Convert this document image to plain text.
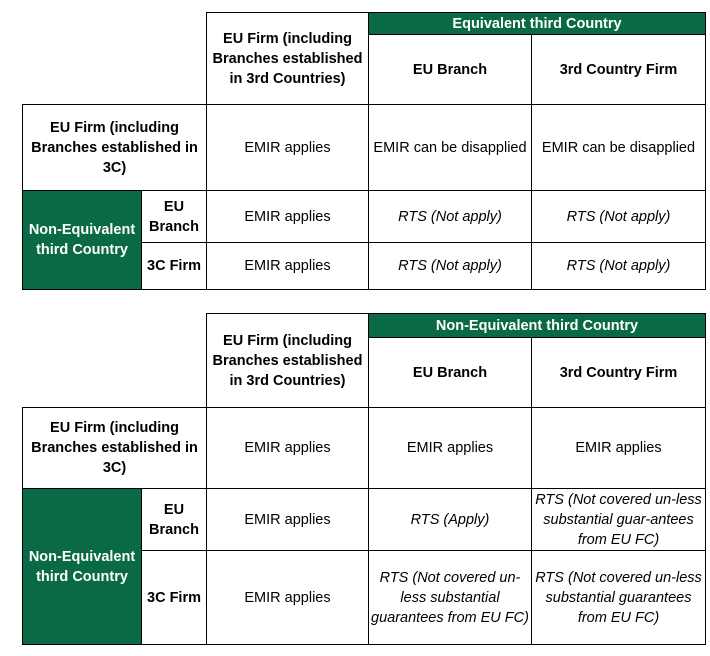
		EU Firm (including Branches established in 3rd Countries)	Equivalent third Country	
			EU Branch	3rd Country Firm
EU Firm (including Branches established in 3C)		EMIR applies	EMIR can be disapplied	EMIR can be disapplied
Non-Equivalent third Country	EU Branch	EMIR applies	RTS (Not apply)	RTS (Not apply)
	3C Firm	EMIR applies	RTS (Not apply)	RTS (Not apply)
		EU Firm (including Branches established in 3rd Countries)	Non-Equivalent third Country	
			EU Branch	3rd Country Firm
EU Firm (including Branches established in 3C)		EMIR applies	EMIR applies	EMIR applies
Non-Equivalent third Country	EU Branch	EMIR applies	RTS (Apply)	RTS (Not covered un-less substantial guar-antees from EU FC)
	3C Firm	EMIR applies	RTS (Not covered un-less substantial guarantees from EU FC)	RTS (Not covered un-less substantial guarantees from EU FC)
